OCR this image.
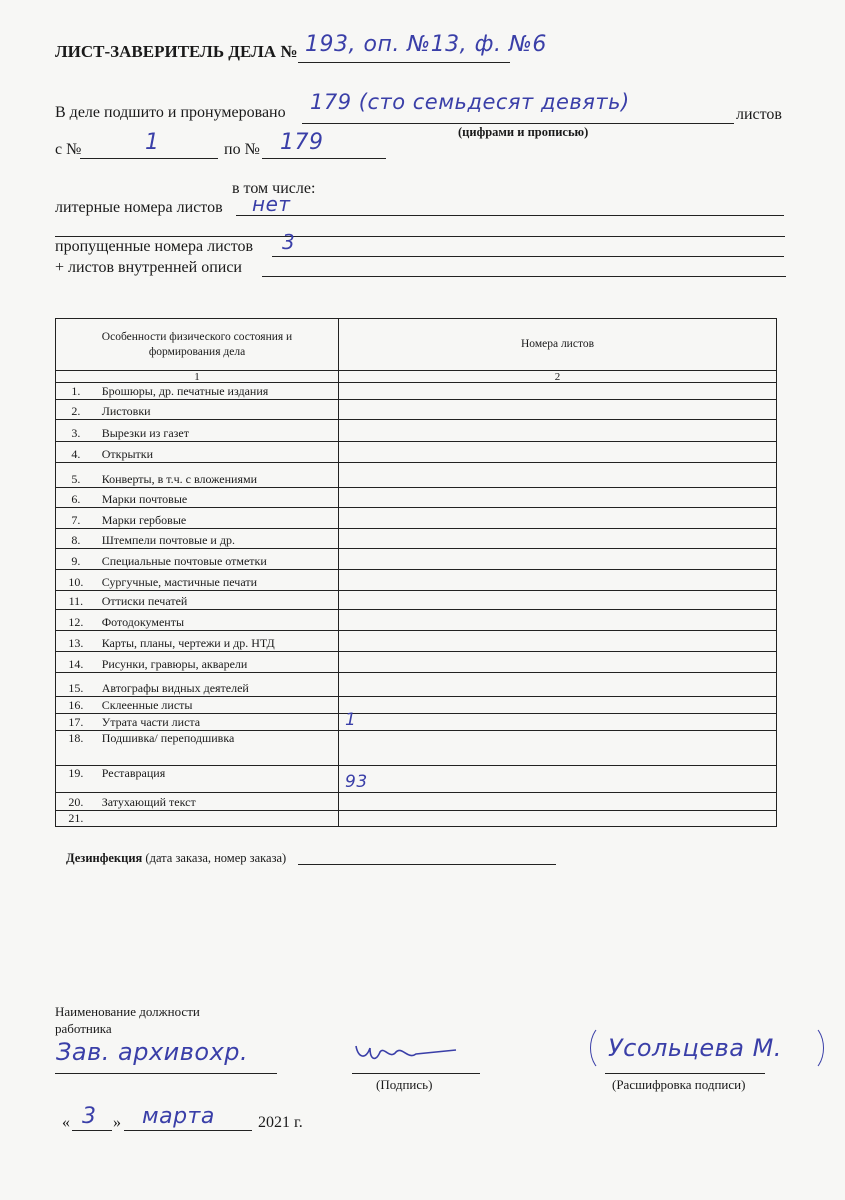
ЛИСТ-ЗАВЕРИТЕЛЬ ДЕЛА № 193, оп. №13, ф. №6
В деле подшито и пронумеровано 179 (сто семьдесят девять)
листов
(цифрами и прописью)
с №	1	по № 179
в том числе:
литерные номера листов нет
пропущенные номера листов 3
+ листов внутренней описи
Особенности физического состояния и формирования дела		Номера листов
1		2
1.	Брошюры, др. печатные издания	

2.	Листовки	

3.	Вырезки из газет	

4.	Открытки	

5.	Конверты, в т.ч. с вложениями	

6.	Марки почтовые	

7.	Марки гербовые	

8.	Штемпели почтовые и др.	

9.	Специальные почтовые отметки	

10.	Сургучные, мастичные печати	

11.	Оттиски печатей	

12.	Фотодокументы	

13.	Карты, планы, чертежи и др. НТД	

14.	Рисунки, гравюры, акварели	

15.	Автографы видных деятелей	

16.	Склеенные листы	

17.	Утрата части листа	1

18.	Подшивка/ переподшивка	

19.	Реставрация	93

20.	Затухающий текст	

21.		
Дезинфекция (дата заказа, номер заказа)
Наименование должности
работника
Зав. архивохр.
(Подпись)
Усольцева М.
(Расшифровка подписи)
« 3 » марта	2021 г.
